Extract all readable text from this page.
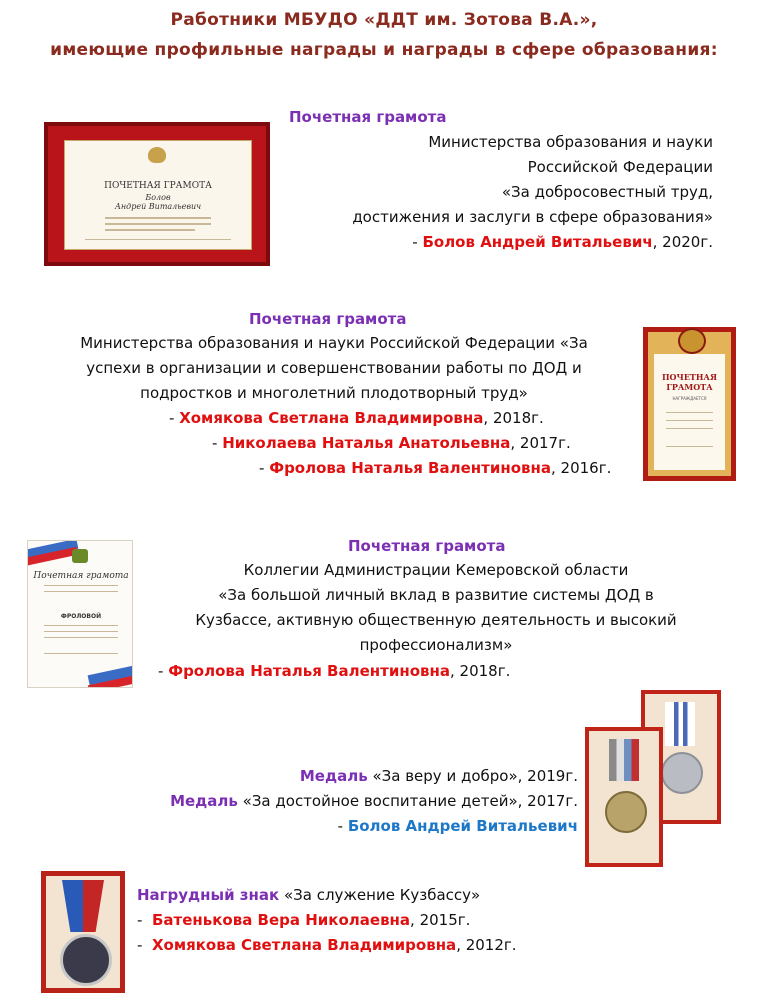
Работники МБУДО «ДДТ им. Зотова В.А.»,
имеющие профильные награды и награды в сфере образования:
ПОЧЕТНАЯ ГРАМОТА
Болов
Андрей Витальевич
Почетная грамота
Министерства образования и науки
Российской Федерации
«За добросовестный труд,
достижения и заслуги в сфере образования»
- Болов Андрей Витальевич, 2020г.
Почетная грамота
Министерства образования и науки Российской Федерации «За
успехи в организации и совершенствовании работы по ДОД и
подростков и многолетний плодотворный труд»
- Хомякова Светлана Владимировна, 2018г.
- Николаева Наталья Анатольевна, 2017г.
- Фролова Наталья Валентиновна, 2016г.
ПОЧЕТНАЯ
ГРАМОТА
НАГРАЖДАЕТСЯ
Почетная грамота
ФРОЛОВОЙ
Почетная грамота
Коллегии Администрации Кемеровской области
«За большой личный вклад в развитие системы ДОД в
Кузбассе, активную общественную деятельность и высокий
профессионализм»
- Фролова Наталья Валентиновна, 2018г.
Медаль «За веру и добро», 2019г.
Медаль «За достойное воспитание детей», 2017г.
- Болов Андрей Витальевич
Нагрудный знак «За служение Кузбассу»
-  Батенькова Вера Николаевна, 2015г.
-  Хомякова Светлана Владимировна, 2012г.
